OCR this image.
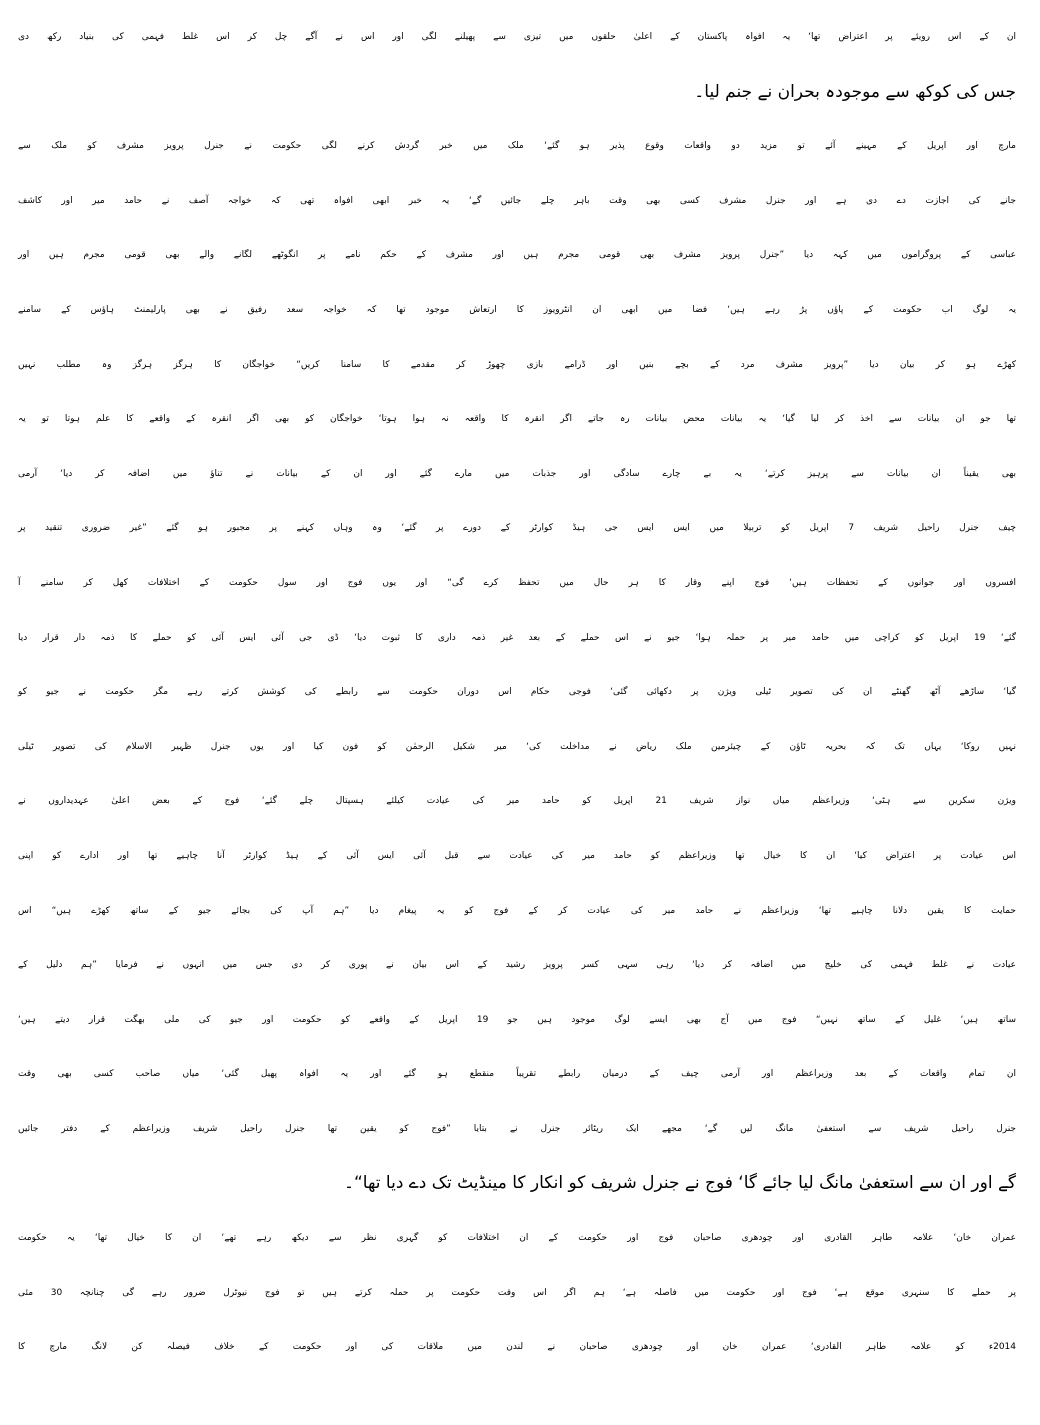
ان کے اس رویئے پر اعتراض تھا‘ یہ افواہ پاکستان کے اعلیٰ حلقوں میں تیزی سے پھیلنے لگی اور اس نے آگے چل کر اس غلط فہمی کی بنیاد رکھ دی
جس کی کوکھ سے موجودہ بحران نے جنم لیا۔
مارچ اور اپریل کے مہینے آئے تو مزید دو واقعات وقوع پذیر ہو گئے‘ ملک میں خبر گردش کرنے لگی حکومت نے جنرل پرویز مشرف کو ملک سے
جانے کی اجازت دے دی ہے اور جنرل مشرف کسی بھی وقت باہر چلے جائیں گے‘ یہ خبر ابھی افواہ تھی کہ خواجہ آصف نے حامد میر اور کاشف
عباسی کے پروگراموں میں کہہ دیا ”جنرل پرویز مشرف بھی قومی مجرم ہیں اور مشرف کے حکم نامے پر انگوٹھے لگانے والے بھی قومی مجرم ہیں اور
یہ لوگ اب حکومت کے پاؤں پڑ رہے ہیں‘ فضا میں ابھی ان انٹرویوز کا ارتعاش موجود تھا کہ خواجہ سعد رفیق نے بھی پارلیمنٹ ہاؤس کے سامنے
کھڑے ہو کر بیان دیا ”پرویز مشرف مرد کے بچے بنیں اور ڈرامے بازی چھوڑ کر مقدمے کا سامنا کریں“ خواجگان کا ہرگز ہرگز وہ مطلب نہیں
تھا جو ان بیانات سے اخذ کر لیا گیا‘ یہ بیانات محض بیانات رہ جاتے اگر انقرہ کا واقعہ نہ ہوا ہوتا‘ خواجگان کو بھی اگر انقرہ کے واقعے کا علم ہوتا تو یہ
بھی یقیناً ان بیانات سے پرہیز کرتے‘ یہ بے چارے سادگی اور جذبات میں مارے گئے اور ان کے بیانات نے تناؤ میں اضافہ کر دیا‘ آرمی
چیف جنرل راحیل شریف 7 اپریل کو تربیلا میں ایس ایس جی ہیڈ کوارٹر کے دورے پر گئے‘ وہ وہاں کہنے پر مجبور ہو گئے ”غیر ضروری تنقید پر
افسروں اور جوانوں کے تحفظات ہیں‘ فوج اپنے وقار کا ہر حال میں تحفظ کرے گی“ اور یوں فوج اور سول حکومت کے اختلافات کھل کر سامنے آ
گئے‘ 19 اپریل کو کراچی میں حامد میر پر حملہ ہوا‘ جیو نے اس حملے کے بعد غیر ذمہ داری کا ثبوت دیا‘ ڈی جی آئی ایس آئی کو حملے کا ذمہ دار قرار دیا
گیا‘ ساڑھے آٹھ گھنٹے ان کی تصویر ٹیلی ویژن پر دکھائی گئی‘ فوجی حکام اس دوران حکومت سے رابطے کی کوشش کرتے رہے مگر حکومت نے جیو کو
نہیں روکا‘ یہاں تک کہ بحریہ ٹاؤن کے چیئرمین ملک ریاض نے مداخلت کی‘ میر شکیل الرحمٰن کو فون کیا اور یوں جنرل ظہیر الاسلام کی تصویر ٹیلی
ویژن سکرین سے ہٹی‘ وزیراعظم میاں نواز شریف 21 اپریل کو حامد میر کی عیادت کیلئے ہسپتال چلے گئے‘ فوج کے بعض اعلیٰ عہدیداروں نے
اس عیادت پر اعتراض کیا‘ ان کا خیال تھا وزیراعظم کو حامد میر کی عیادت سے قبل آئی ایس آئی کے ہیڈ کوارٹر آنا چاہیے تھا اور ادارے کو اپنی
حمایت کا یقین دلانا چاہیے تھا‘ وزیراعظم نے حامد میر کی عیادت کر کے فوج کو یہ پیغام دیا ”ہم آپ کی بجائے جیو کے ساتھ کھڑے ہیں“ اس
عیادت نے غلط فہمی کی خلیج میں اضافہ کر دیا‘ رہی سہی کسر پرویز رشید کے اس بیان نے پوری کر دی جس میں انہوں نے فرمایا ”ہم دلیل کے
ساتھ ہیں‘ غلیل کے ساتھ نہیں“ فوج میں آج بھی ایسے لوگ موجود ہیں جو 19 اپریل کے واقعے کو حکومت اور جیو کی ملی بھگت قرار دیتے ہیں‘
ان تمام واقعات کے بعد وزیراعظم اور آرمی چیف کے درمیان رابطے تقریباً منقطع ہو گئے اور یہ افواہ پھیل گئی‘ میاں صاحب کسی بھی وقت
جنرل راحیل شریف سے استعفیٰ مانگ لیں گے‘ مجھے ایک ریٹائر جنرل نے بتایا ”فوج کو یقین تھا جنرل راحیل شریف وزیراعظم کے دفتر جائیں
گے اور ان سے استعفیٰ مانگ لیا جائے گا‘ فوج نے جنرل شریف کو انکار کا مینڈیٹ تک دے دیا تھا“۔
عمران خان‘ علامہ طاہر القادری اور چودھری صاحبان فوج اور حکومت کے ان اختلافات کو گہری نظر سے دیکھ رہے تھے‘ ان کا خیال تھا‘ یہ حکومت
پر حملے کا سنہری موقع ہے‘ فوج اور حکومت میں فاصلہ ہے‘ ہم اگر اس وقت حکومت پر حملہ کرتے ہیں تو فوج نیوٹرل ضرور رہے گی چنانچہ 30 مئی
2014ء کو علامہ طاہر القادری‘ عمران خان اور چودھری صاحبان نے لندن میں ملاقات کی اور حکومت کے خلاف فیصلہ کن لانگ مارچ کا
